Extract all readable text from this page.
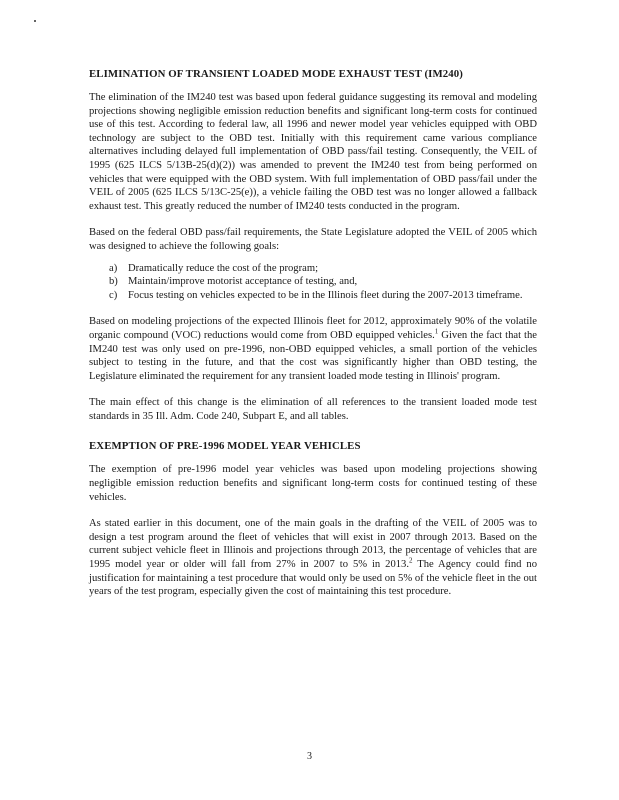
ELIMINATION OF TRANSIENT LOADED MODE EXHAUST TEST (IM240)

The elimination of the IM240 test was based upon federal guidance suggesting its removal and modeling projections showing negligible emission reduction benefits and significant long-term costs for continued use of this test. According to federal law, all 1996 and newer model year vehicles equipped with OBD technology are subject to the OBD test. Initially with this requirement came various compliance alternatives including delayed full implementation of OBD pass/fail testing. Consequently, the VEIL of 1995 (625 ILCS 5/13B-25(d)(2)) was amended to prevent the IM240 test from being performed on vehicles that were equipped with the OBD system. With full implementation of OBD pass/fail under the VEIL of 2005 (625 ILCS 5/13C-25(e)), a vehicle failing the OBD test was no longer allowed a fallback exhaust test. This greatly reduced the number of IM240 tests conducted in the program.

Based on the federal OBD pass/fail requirements, the State Legislature adopted the VEIL of 2005 which was designed to achieve the following goals:

a) Dramatically reduce the cost of the program;
b) Maintain/improve motorist acceptance of testing, and,
c) Focus testing on vehicles expected to be in the Illinois fleet during the 2007-2013 timeframe.

Based on modeling projections of the expected Illinois fleet for 2012, approximately 90% of the volatile organic compound (VOC) reductions would come from OBD equipped vehicles.$^1$ Given the fact that the IM240 test was only used on pre-1996, non-OBD equipped vehicles, a small portion of the vehicles subject to testing in the future, and that the cost was significantly higher than OBD testing, the Legislature eliminated the requirement for any transient loaded mode testing in Illinois' program.

The main effect of this change is the elimination of all references to the transient loaded mode test standards in 35 Ill. Adm. Code 240, Subpart E, and all tables.

EXEMPTION OF PRE-1996 MODEL YEAR VEHICLES

The exemption of pre-1996 model year vehicles was based upon modeling projections showing negligible emission reduction benefits and significant long-term costs for continued testing of these vehicles.

As stated earlier in this document, one of the main goals in the drafting of the VEIL of 2005 was to design a test program around the fleet of vehicles that will exist in 2007 through 2013. Based on the current subject vehicle fleet in Illinois and projections through 2013, the percentage of vehicles that are 1995 model year or older will fall from 27% in 2007 to 5% in 2013.$^2$ The Agency could find no justification for maintaining a test procedure that would only be used on 5% of the vehicle fleet in the out years of the test program, especially given the cost of maintaining this test procedure.

3
